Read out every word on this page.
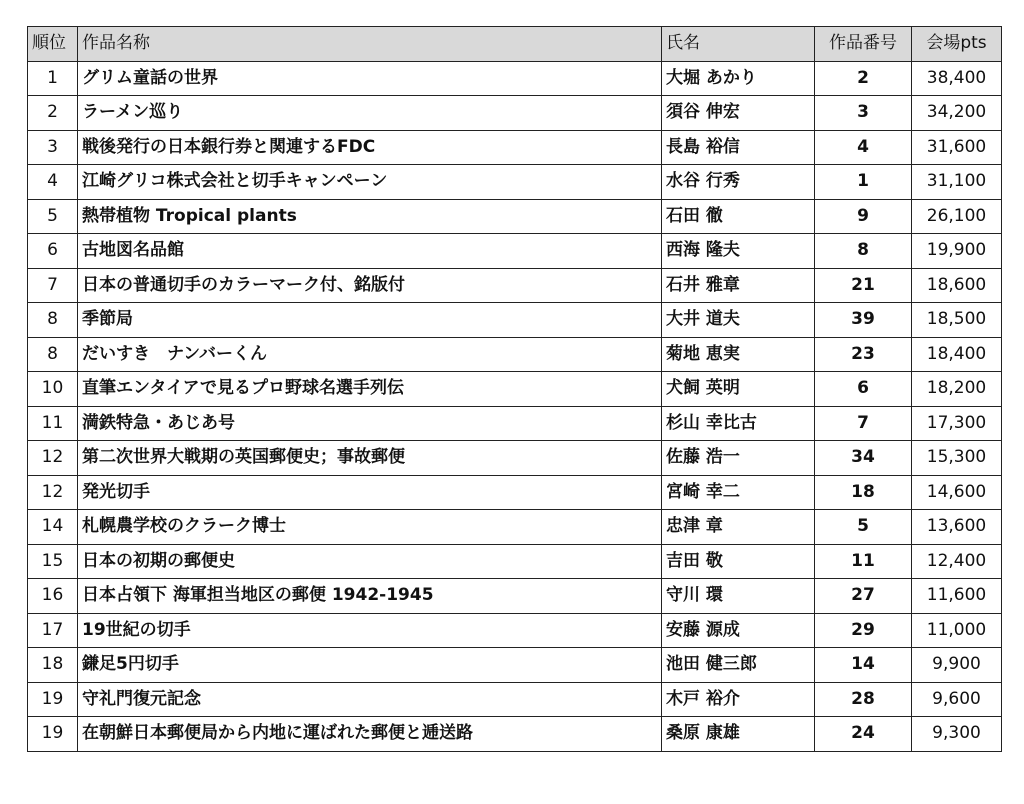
順位	作品名称	氏名	作品番号	会場pts
1	グリム童話の世界	大堀 あかり	2	38,400
2	ラーメン巡り	須谷 伸宏	3	34,200
3	戦後発行の日本銀行券と関連するFDC	長島 裕信	4	31,600
4	江崎グリコ株式会社と切手キャンペーン	水谷 行秀	1	31,100
5	熱帯植物 Tropical plants	石田 徹	9	26,100
6	古地図名品館	西海 隆夫	8	19,900
7	日本の普通切手のカラーマーク付、銘版付	石井 雅章	21	18,600
8	季節局	大井 道夫	39	18,500
8	だいすき　ナンバーくん	菊地 恵実	23	18,400
10	直筆エンタイアで見るプロ野球名選手列伝	犬飼 英明	6	18,200
11	満鉄特急・あじあ号	杉山 幸比古	7	17,300
12	第二次世界大戦期の英国郵便史；事故郵便	佐藤 浩一	34	15,300
12	発光切手	宮崎 幸二	18	14,600
14	札幌農学校のクラーク博士	忠津 章	5	13,600
15	日本の初期の郵便史	吉田 敬	11	12,400
16	日本占領下 海軍担当地区の郵便 1942-1945	守川 環	27	11,600
17	19世紀の切手	安藤 源成	29	11,000
18	鎌足5円切手	池田 健三郎	14	9,900
19	守礼門復元記念	木戸 裕介	28	9,600
19	在朝鮮日本郵便局から内地に運ばれた郵便と逓送路	桑原 康雄	24	9,300
